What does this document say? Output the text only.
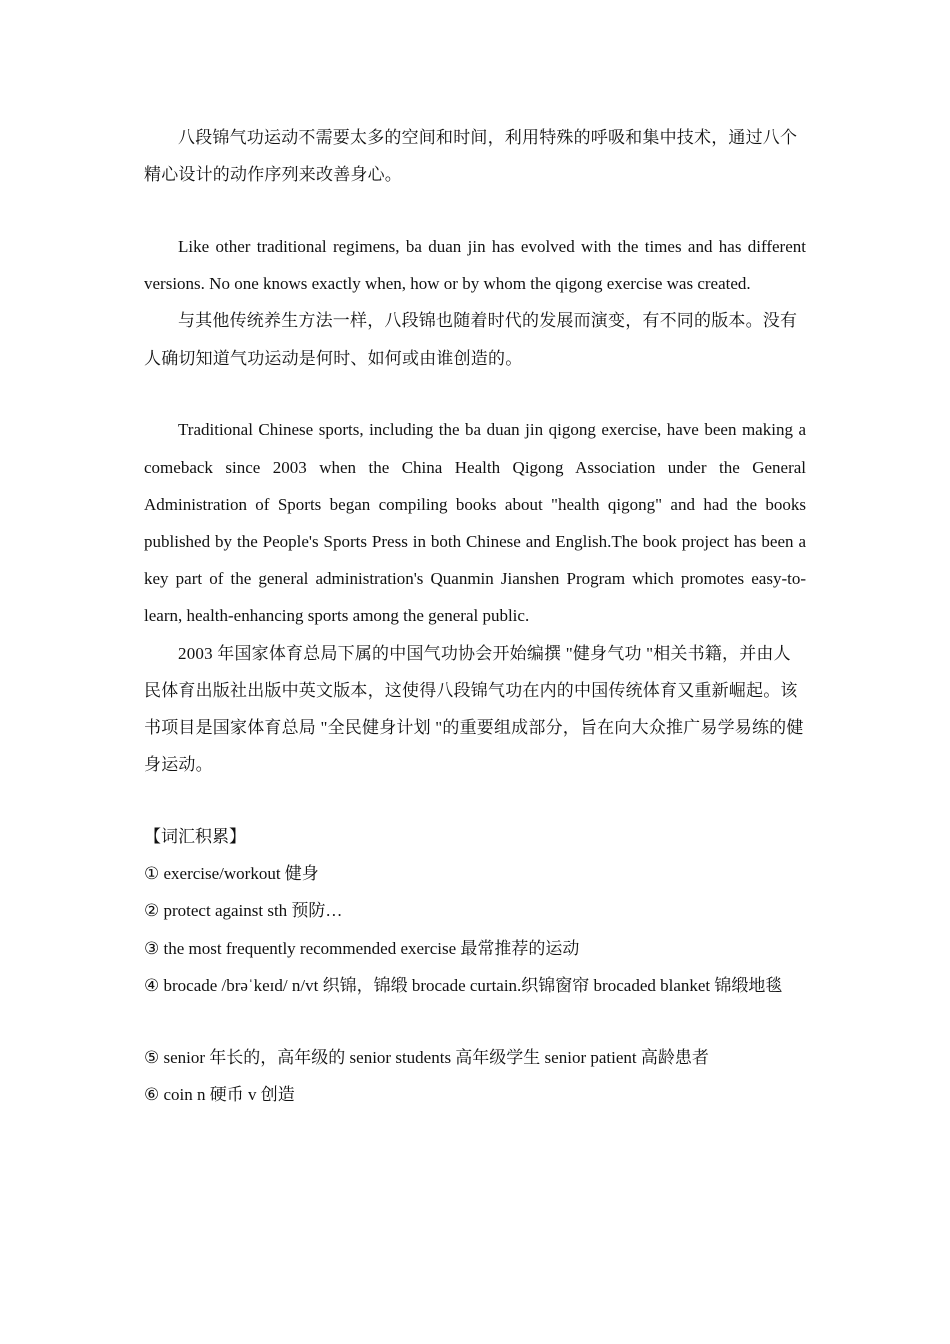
八段锦气功运动不需要太多的空间和时间，利用特殊的呼吸和集中技术，通过八个精心设计的动作序列来改善身心。

Like other traditional regimens, ba duan jin has evolved with the times and has different versions. No one knows exactly when, how or by whom the qigong exercise was created.

与其他传统养生方法一样，八段锦也随着时代的发展而演变，有不同的版本。没有人确切知道气功运动是何时、如何或由谁创造的。

Traditional Chinese sports, including the ba duan jin qigong exercise, have been making a comeback since 2003 when the China Health Qigong Association under the General Administration of Sports began compiling books about "health qigong" and had the books published by the People's Sports Press in both Chinese and English.The book project has been a key part of the general administration's Quanmin Jianshen Program which promotes easy-to-learn, health-enhancing sports among the general public.

2003 年国家体育总局下属的中国气功协会开始编撰 "健身气功 "相关书籍，并由人民体育出版社出版中英文版本，这使得八段锦气功在内的中国传统体育又重新崛起。该书项目是国家体育总局 "全民健身计划 "的重要组成部分，旨在向大众推广易学易练的健身运动。

【词汇积累】

① exercise/workout 健身

② protect against sth 预防…

③ the most frequently recommended exercise 最常推荐的运动

④ brocade /brəˈkeɪd/ n/vt 织锦，锦缎 brocade curtain.织锦窗帘 brocaded blanket 锦缎地毯

⑤ senior 年长的，高年级的 senior students 高年级学生 senior patient 高龄患者

⑥ coin n 硬币 v 创造
